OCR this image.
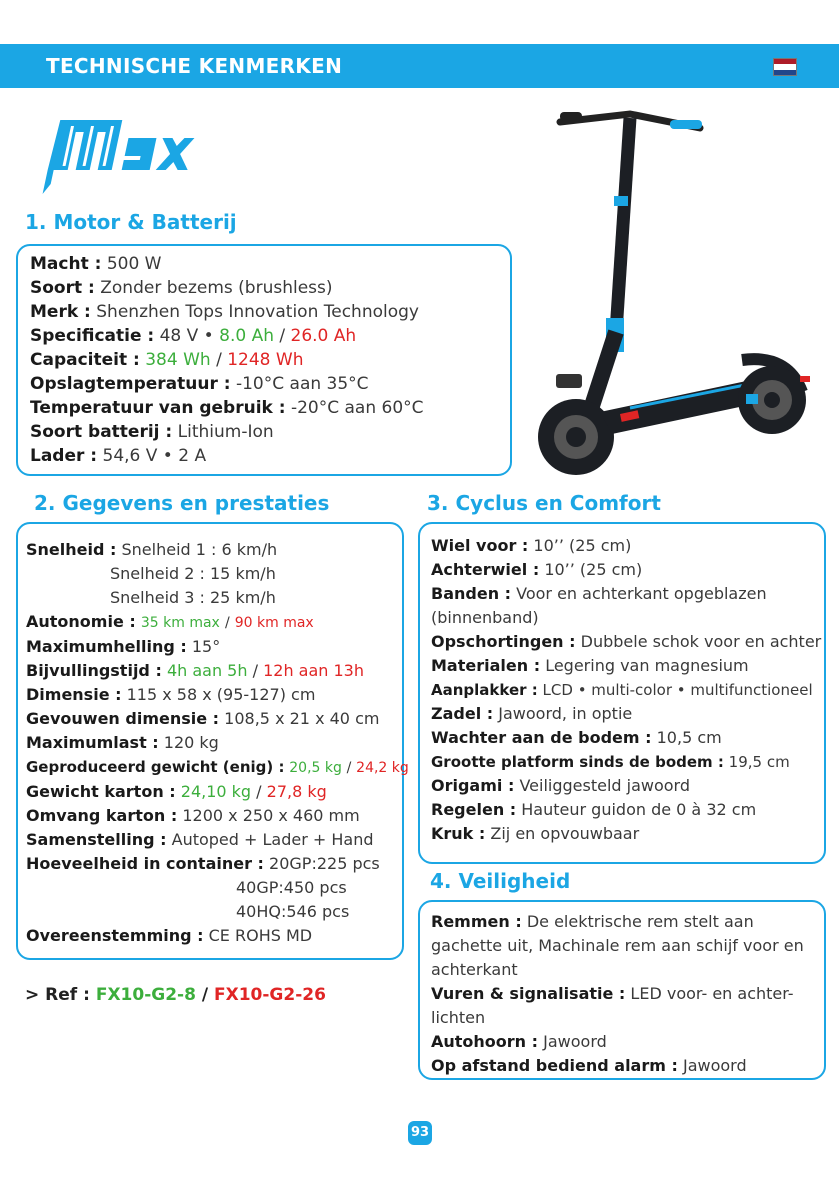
TECHNISCHE KENMERKEN
1. Motor & Batterij
Macht : 500 W
Soort : Zonder bezems (brushless)
Merk : Shenzhen Tops Innovation Technology
Specificatie : 48 V • 8.0 Ah / 26.0 Ah
Capaciteit : 384 Wh / 1248 Wh
Opslagtemperatuur : -10°C aan 35°C
Temperatuur van gebruik : -20°C aan 60°C
Soort batterij : Lithium-Ion
Lader : 54,6 V • 2 A
2. Gegevens en prestaties
Snelheid : Snelheid 1 : 6 km/h
Snelheid 2 : 15 km/h
Snelheid 3 : 25 km/h
Autonomie : 35 km max / 90 km max
Maximumhelling : 15°
Bijvullingstijd : 4h aan 5h / 12h aan 13h
Dimensie : 115 x 58 x (95-127) cm
Gevouwen dimensie : 108,5 x 21 x 40 cm
Maximumlast : 120 kg
Geproduceerd gewicht (enig) : 20,5 kg / 24,2 kg
Gewicht karton : 24,10 kg / 27,8 kg
Omvang karton : 1200 x 250 x 460 mm
Samenstelling : Autoped + Lader + Hand
Hoeveelheid in container : 20GP:225 pcs
40GP:450 pcs
40HQ:546 pcs
Overeenstemming : CE ROHS MD
> Ref : FX10-G2-8 / FX10-G2-26
3. Cyclus en Comfort
Wiel voor : 10’’ (25 cm)
Achterwiel : 10’’ (25 cm)
Banden : Voor en achterkant opgeblazen (binnenband)
Opschortingen : Dubbele schok voor en achter
Materialen : Legering van magnesium
Aanplakker : LCD • multi-color • multifunctioneel
Zadel : Jawoord, in optie
Wachter aan de bodem : 10,5 cm
Grootte platform sinds de bodem : 19,5 cm
Origami : Veiliggesteld jawoord
Regelen : Hauteur guidon de 0 à 32 cm
Kruk : Zij en opvouwbaar
4. Veiligheid
Remmen : De elektrische rem stelt aan gachette uit, Machinale rem aan schijf voor en achterkant
Vuren & signalisatie : LED voor- en achter- lichten
Autohoorn : Jawoord
Op afstand bediend alarm : Jawoord
93
